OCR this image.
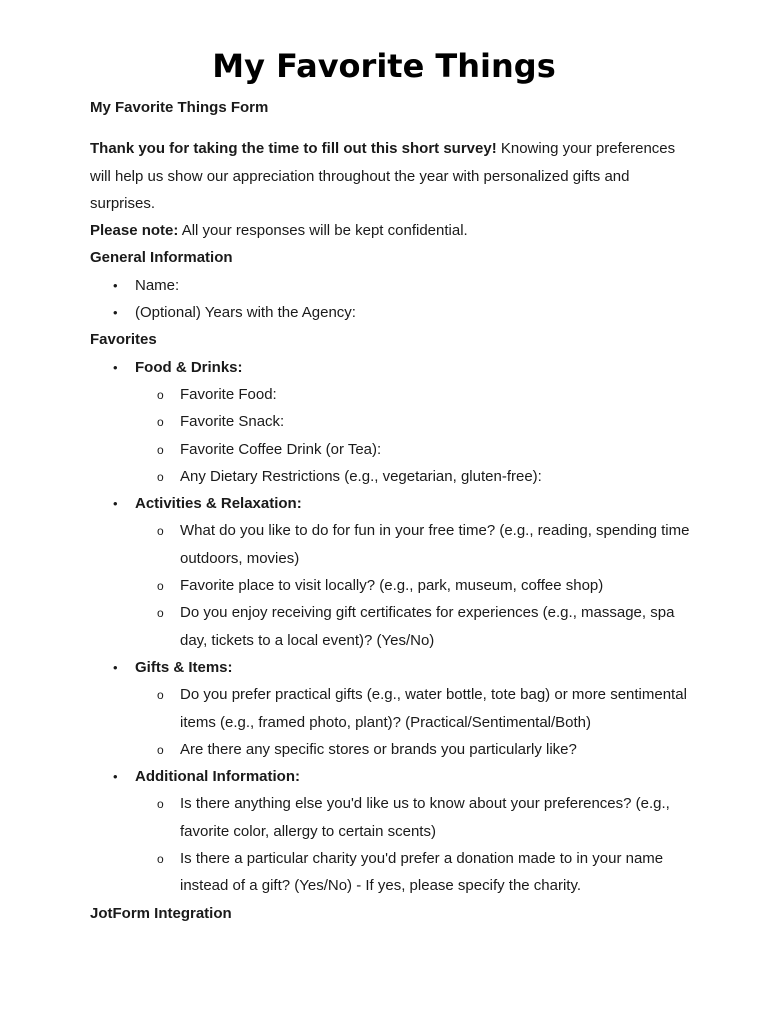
My Favorite Things

My Favorite Things Form

Thank you for taking the time to fill out this short survey! Knowing your preferences will help us show our appreciation throughout the year with personalized gifts and surprises.

Please note: All your responses will be kept confidential.

General Information
• Name:
• (Optional) Years with the Agency:
Favorites
• Food & Drinks:
o Favorite Food:
o Favorite Snack:
o Favorite Coffee Drink (or Tea):
o Any Dietary Restrictions (e.g., vegetarian, gluten-free):
• Activities & Relaxation:
o What do you like to do for fun in your free time? (e.g., reading, spending time outdoors, movies)
o Favorite place to visit locally? (e.g., park, museum, coffee shop)
o Do you enjoy receiving gift certificates for experiences (e.g., massage, spa day, tickets to a local event)? (Yes/No)
• Gifts & Items:
o Do you prefer practical gifts (e.g., water bottle, tote bag) or more sentimental items (e.g., framed photo, plant)? (Practical/Sentimental/Both)
o Are there any specific stores or brands you particularly like?
• Additional Information:
o Is there anything else you'd like us to know about your preferences? (e.g., favorite color, allergy to certain scents)
o Is there a particular charity you'd prefer a donation made to in your name instead of a gift? (Yes/No) - If yes, please specify the charity.
JotForm Integration
